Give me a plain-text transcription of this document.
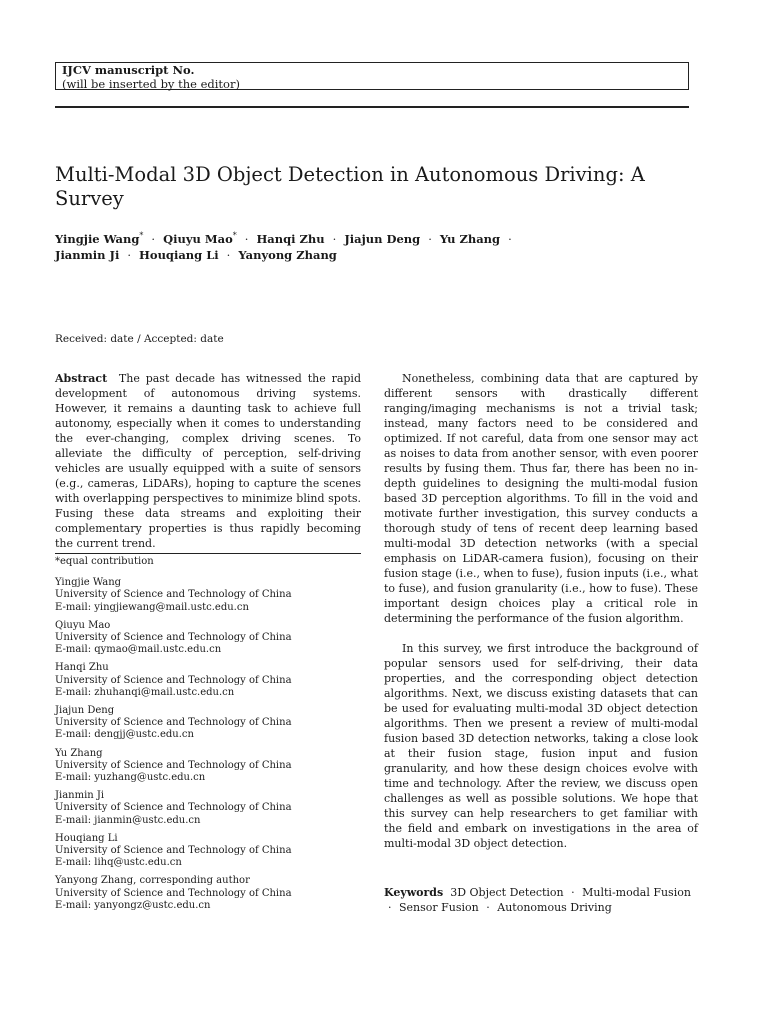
IJCV manuscript No.
(will be inserted by the editor)
Multi-Modal 3D Object Detection in Autonomous Driving: A Survey
Yingjie Wang* · Qiuyu Mao* · Hanqi Zhu · Jiajun Deng · Yu Zhang ·
Jianmin Ji · Houqiang Li · Yanyong Zhang
Received: date / Accepted: date

Abstract The past decade has witnessed the rapid development of autonomous driving systems. However, it remains a daunting task to achieve full autonomy, especially when it comes to understanding the ever-changing, complex driving scenes. To alleviate the difficulty of perception, self-driving vehicles are usually equipped with a suite of sensors (e.g., cameras, LiDARs), hoping to capture the scenes with overlapping perspectives to minimize blind spots. Fusing these data streams and exploiting their complementary properties is thus rapidly becoming the current trend.

*equal contribution
Yingjie Wang
University of Science and Technology of China
E-mail: yingjiewang@mail.ustc.edu.cn
Qiuyu Mao
University of Science and Technology of China
E-mail: qymao@mail.ustc.edu.cn
Hanqi Zhu
University of Science and Technology of China
E-mail: zhuhanqi@mail.ustc.edu.cn
Jiajun Deng
University of Science and Technology of China
E-mail: dengjj@ustc.edu.cn
Yu Zhang
University of Science and Technology of China
E-mail: yuzhang@ustc.edu.cn
Jianmin Ji
University of Science and Technology of China
E-mail: jianmin@ustc.edu.cn
Houqiang Li
University of Science and Technology of China
E-mail: lihq@ustc.edu.cn
Yanyong Zhang, corresponding author
University of Science and Technology of China
E-mail: yanyongz@ustc.edu.cn

Nonetheless, combining data that are captured by different sensors with drastically different ranging/imaging mechanisms is not a trivial task; instead, many factors need to be considered and optimized. If not careful, data from one sensor may act as noises to data from another sensor, with even poorer results by fusing them. Thus far, there has been no in-depth guidelines to designing the multi-modal fusion based 3D perception algorithms. To fill in the void and motivate further investigation, this survey conducts a thorough study of tens of recent deep learning based multi-modal 3D detection networks (with a special emphasis on LiDAR-camera fusion), focusing on their fusion stage (i.e., when to fuse), fusion inputs (i.e., what to fuse), and fusion granularity (i.e., how to fuse). These important design choices play a critical role in determining the performance of the fusion algorithm.

In this survey, we first introduce the background of popular sensors used for self-driving, their data properties, and the corresponding object detection algorithms. Next, we discuss existing datasets that can be used for evaluating multi-modal 3D object detection algorithms. Then we present a review of multi-modal fusion based 3D detection networks, taking a close look at their fusion stage, fusion input and fusion granularity, and how these design choices evolve with time and technology. After the review, we discuss open challenges as well as possible solutions. We hope that this survey can help researchers to get familiar with the field and embark on investigations in the area of multi-modal 3D object detection.

Keywords 3D Object Detection · Multi-modal Fusion · Sensor Fusion · Autonomous Driving
